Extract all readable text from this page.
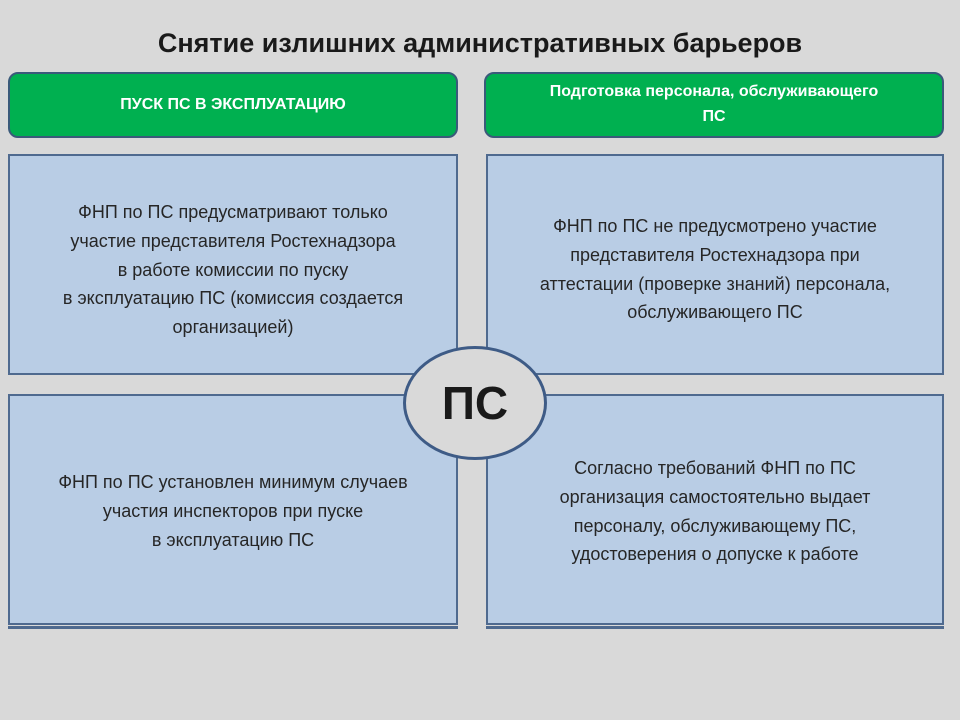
Снятие излишних административных барьеров
ПУСК ПС В ЭКСПЛУАТАЦИЮ
Подготовка персонала, обслуживающего
ПС
ФНП по ПС предусматривают только
участие представителя Ростехнадзора
в работе комиссии по пуску
в эксплуатацию ПС (комиссия создается
организацией)
ФНП по ПС не предусмотрено участие
представителя Ростехнадзора при
аттестации (проверке знаний) персонала,
обслуживающего ПС
ФНП по ПС установлен минимум случаев
участия инспекторов при пуске
в эксплуатацию ПС
Согласно требований ФНП по ПС
организация самостоятельно выдает
персоналу, обслуживающему ПС,
удостоверения о допуске к работе
ПС
